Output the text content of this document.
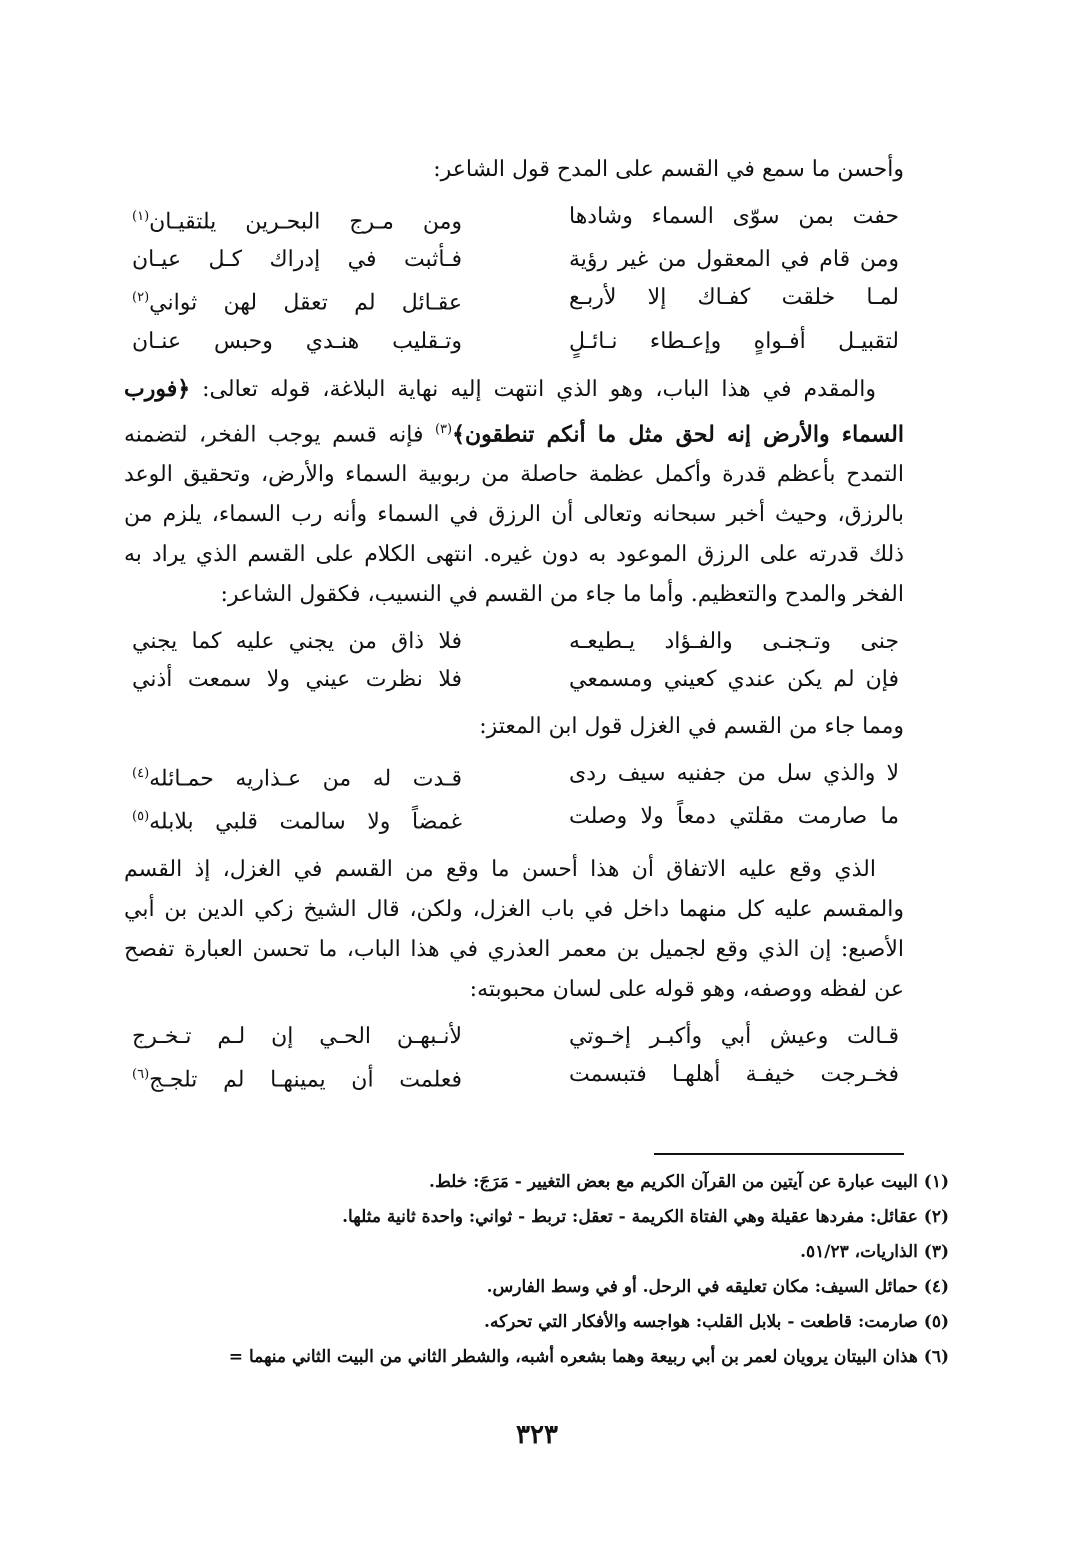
وأحسن ما سمع في القسم على المدح قول الشاعر:

حفت بمن سوّى السماء وشادها
ومن مـرج البحـرين يلتقيـان$^{(١)}$
ومن قام في المعقول من غير رؤية
فـأثبت في إدراك كـل عيـان
لمـا خلقت كفـاك إلا لأربـع
عقـائل لم تعقل لهن ثواني$^{(٢)}$
لتقبيـل أفـواهٍ وإعـطاء نـائـلٍ
وتـقليب هنـدي وحبس عنـان

والمقدم في هذا الباب، وهو الذي انتهت إليه نهاية البلاغة، قوله تعالى: ﴿فورب السماء والأرض إنه لحق مثل ما أنكم تنطقون﴾$^{(٣)}$ فإنه قسم يوجب الفخر، لتضمنه التمدح بأعظم قدرة وأكمل عظمة حاصلة من ربوبية السماء والأرض، وتحقيق الوعد بالرزق، وحيث أخبر سبحانه وتعالى أن الرزق في السماء وأنه رب السماء، يلزم من ذلك قدرته على الرزق الموعود به دون غيره. انتهى الكلام على القسم الذي يراد به الفخر والمدح والتعظيم. وأما ما جاء من القسم في النسيب، فكقول الشاعر:

جنى وتـجنـى والفـؤاد يـطيعـه
فلا ذاق من يجني عليه كما يجني
فإن لم يكن عندي كعيني ومسمعي
فلا نظرت عيني ولا سمعت أذني

ومما جاء من القسم في الغزل قول ابن المعتز:

لا والذي سل من جفنيه سيف ردى
قـدت له من عـذاريه حمـائله$^{(٤)}$
ما صارمت مقلتي دمعاً ولا وصلت
غمضاً ولا سالمت قلبي بلابله$^{(٥)}$

الذي وقع عليه الاتفاق أن هذا أحسن ما وقع من القسم في الغزل، إذ القسم والمقسم عليه كل منهما داخل في باب الغزل، ولكن، قال الشيخ زكي الدين بن أبي الأصبع: إن الذي وقع لجميل بن معمر العذري في هذا الباب، ما تحسن العبارة تفصح عن لفظه ووصفه، وهو قوله على لسان محبوبته:

قـالت وعيش أبي وأكبـر إخـوتي
لأنـبهـن الحـي إن لـم تـخـرج
فخـرجت خيفـة أهلهـا فتبسمت
فعلمت أن يمينهـا لم تلجـج$^{(٦)}$

(١) البيت عبارة عن آيتين من القرآن الكريم مع بعض التغيير - مَرَجَ: خلط.

(٢) عقائل: مفردها عقيلة وهي الفتاة الكريمة - تعقل: تربط - ثواني: واحدة ثانية مثلها.

(٣) الذاريات، ٥١/٢٣.

(٤) حمائل السيف: مكان تعليقه في الرحل. أو في وسط الفارس.

(٥) صارمت: قاطعت - بلابل القلب: هواجسه والأفكار التي تحركه.

(٦) هذان البيتان يرويان لعمر بن أبي ربيعة وهما بشعره أشبه، والشطر الثاني من البيت الثاني منهما =

٣٢٣
